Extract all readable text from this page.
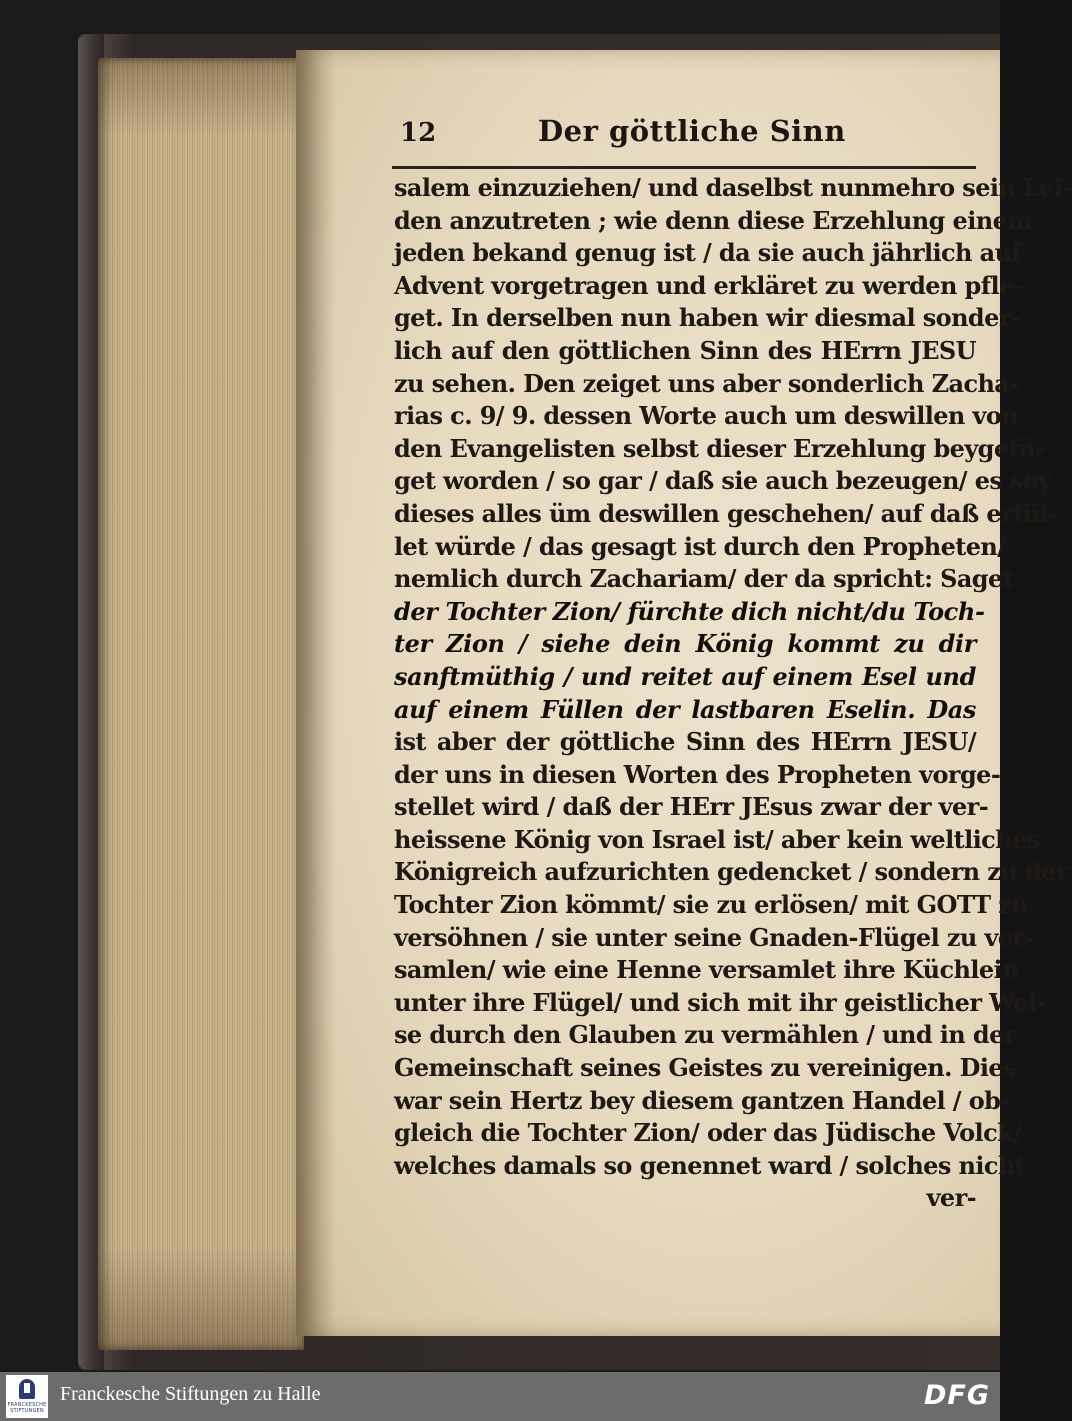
12	Der göttliche Sinn
salem einzuziehen/ und daselbst nunmehro sein Lei-
den anzutreten ; wie denn diese Erzehlung einem
jeden bekand genug ist / da sie auch jährlich auf
Advent vorgetragen und erkläret zu werden pfle-
get. In derselben nun haben wir diesmal sonder-
lich auf den göttlichen Sinn des HErrn JESU
zu sehen. Den zeiget uns aber sonderlich Zacha-
rias c. 9/ 9. dessen Worte auch um deswillen von
den Evangelisten selbst dieser Erzehlung beygefü-
get worden / so gar / daß sie auch bezeugen/ es sey
dieses alles üm deswillen geschehen/ auf daß erfül-
let würde / das gesagt ist durch den Propheten/
nemlich durch Zachariam/ der da spricht: Saget
der Tochter Zion/ fürchte dich nicht/du Toch-
ter Zion / siehe dein König kommt zu dir
sanftmüthig / und reitet auf einem Esel und
auf einem Füllen der lastbaren Eselin. Das
ist aber der göttliche Sinn des HErrn JESU/
der uns in diesen Worten des Propheten vorge-
stellet wird / daß der HErr JEsus zwar der ver-
heissene König von Israel ist/ aber kein weltliches
Königreich aufzurichten gedencket / sondern zu der
Tochter Zion kömmt/ sie zu erlösen/ mit GOTT zu
versöhnen / sie unter seine Gnaden-Flügel zu ver-
samlen/ wie eine Henne versamlet ihre Küchlein
unter ihre Flügel/ und sich mit ihr geistlicher Wei-
se durch den Glauben zu vermählen / und in der
Gemeinschaft seines Geistes zu vereinigen. Dies
war sein Hertz bey diesem gantzen Handel / ob-
gleich die Tochter Zion/ oder das Jüdische Volck/
welches damals so genennet ward / solches nicht
ver-
FRANCKESCHE STIFTUNGEN
Franckesche Stiftungen zu Halle	DFG
